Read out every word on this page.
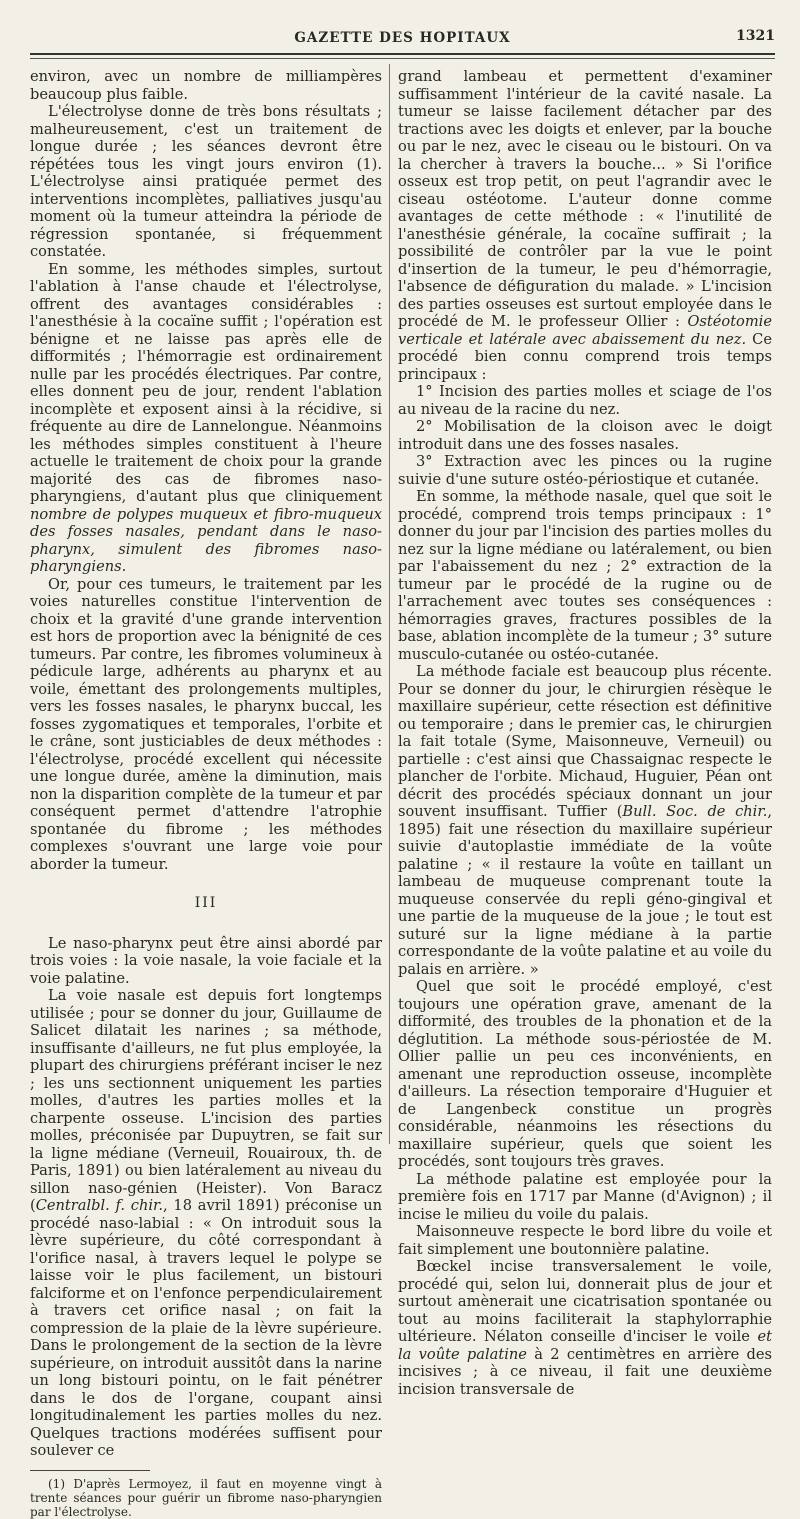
GAZETTE DES HOPITAUX	1321

environ, avec un nombre de milliampères beaucoup plus faible.

L'électrolyse donne de très bons résultats ; malheureusement, c'est un traitement de longue durée ; les séances devront être répétées tous les vingt jours environ (1). L'électrolyse ainsi pratiquée permet des interventions incomplètes, palliatives jusqu'au moment où la tumeur atteindra la période de régression spontanée, si fréquemment constatée.

En somme, les méthodes simples, surtout l'ablation à l'anse chaude et l'électrolyse, offrent des avantages considérables : l'anesthésie à la cocaïne suffit ; l'opération est bénigne et ne laisse pas après elle de difformités ; l'hémorragie est ordinairement nulle par les procédés électriques. Par contre, elles donnent peu de jour, rendent l'ablation incomplète et exposent ainsi à la récidive, si fréquente au dire de Lannelongue. Néanmoins les méthodes simples constituent à l'heure actuelle le traitement de choix pour la grande majorité des cas de fibromes naso-pharyngiens, d'autant plus que cliniquement nombre de polypes muqueux et fibro-muqueux des fosses nasales, pendant dans le naso-pharynx, simulent des fibromes naso-pharyngiens.

Or, pour ces tumeurs, le traitement par les voies naturelles constitue l'intervention de choix et la gravité d'une grande intervention est hors de proportion avec la bénignité de ces tumeurs. Par contre, les fibromes volumineux à pédicule large, adhérents au pharynx et au voile, émettant des prolongements multiples, vers les fosses nasales, le pharynx buccal, les fosses zygomatiques et temporales, l'orbite et le crâne, sont justiciables de deux méthodes : l'électrolyse, procédé excellent qui nécessite une longue durée, amène la diminution, mais non la disparition complète de la tumeur et par conséquent permet d'attendre l'atrophie spontanée du fibrome ; les méthodes complexes s'ouvrant une large voie pour aborder la tumeur.

III

Le naso-pharynx peut être ainsi abordé par trois voies : la voie nasale, la voie faciale et la voie palatine.

La voie nasale est depuis fort longtemps utilisée ; pour se donner du jour, Guillaume de Salicet dilatait les narines ; sa méthode, insuffisante d'ailleurs, ne fut plus employée, la plupart des chirurgiens préférant inciser le nez ; les uns sectionnent uniquement les parties molles, d'autres les parties molles et la charpente osseuse. L'incision des parties molles, préconisée par Dupuytren, se fait sur la ligne médiane (Verneuil, Rouairoux, th. de Paris, 1891) ou bien latéralement au niveau du sillon naso-génien (Heister). Von Baracz (Centralbl. f. chir., 18 avril 1891) préconise un procédé naso-labial : « On introduit sous la lèvre supérieure, du côté correspondant à l'orifice nasal, à travers lequel le polype se laisse voir le plus facilement, un bistouri falciforme et on l'enfonce perpendiculairement à travers cet orifice nasal ; on fait la compression de la plaie de la lèvre supérieure. Dans le prolongement de la section de la lèvre supérieure, on introduit aussitôt dans la narine un long bistouri pointu, on le fait pénétrer dans le dos de l'organe, coupant ainsi longitudinalement les parties molles du nez. Quelques tractions modérées suffisent pour soulever ce

(1) D'après Lermoyez, il faut en moyenne vingt à trente séances pour guérir un fibrome naso-pharyngien par l'électrolyse.

grand lambeau et permettent d'examiner suffisamment l'intérieur de la cavité nasale. La tumeur se laisse facilement détacher par des tractions avec les doigts et enlever, par la bouche ou par le nez, avec le ciseau ou le bistouri. On va la chercher à travers la bouche... » Si l'orifice osseux est trop petit, on peut l'agrandir avec le ciseau ostéotome. L'auteur donne comme avantages de cette méthode : « l'inutilité de l'anesthésie générale, la cocaïne suffirait ; la possibilité de contrôler par la vue le point d'insertion de la tumeur, le peu d'hémorragie, l'absence de défiguration du malade. » L'incision des parties osseuses est surtout employée dans le procédé de M. le professeur Ollier : Ostéotomie verticale et latérale avec abaissement du nez. Ce procédé bien connu comprend trois temps principaux :

1° Incision des parties molles et sciage de l'os au niveau de la racine du nez.

2° Mobilisation de la cloison avec le doigt introduit dans une des fosses nasales.

3° Extraction avec les pinces ou la rugine suivie d'une suture ostéo-périostique et cutanée.

En somme, la méthode nasale, quel que soit le procédé, comprend trois temps principaux : 1° donner du jour par l'incision des parties molles du nez sur la ligne médiane ou latéralement, ou bien par l'abaissement du nez ; 2° extraction de la tumeur par le procédé de la rugine ou de l'arrachement avec toutes ses conséquences : hémorragies graves, fractures possibles de la base, ablation incomplète de la tumeur ; 3° suture musculo-cutanée ou ostéo-cutanée.

La méthode faciale est beaucoup plus récente. Pour se donner du jour, le chirurgien résèque le maxillaire supérieur, cette résection est définitive ou temporaire ; dans le premier cas, le chirurgien la fait totale (Syme, Maisonneuve, Verneuil) ou partielle : c'est ainsi que Chassaignac respecte le plancher de l'orbite. Michaud, Huguier, Péan ont décrit des procédés spéciaux donnant un jour souvent insuffisant. Tuffier (Bull. Soc. de chir., 1895) fait une résection du maxillaire supérieur suivie d'autoplastie immédiate de la voûte palatine ; « il restaure la voûte en taillant un lambeau de muqueuse comprenant toute la muqueuse conservée du repli géno-gingival et une partie de la muqueuse de la joue ; le tout est suturé sur la ligne médiane à la partie correspondante de la voûte palatine et au voile du palais en arrière. »

Quel que soit le procédé employé, c'est toujours une opération grave, amenant de la difformité, des troubles de la phonation et de la déglutition. La méthode sous-périostée de M. Ollier pallie un peu ces inconvénients, en amenant une reproduction osseuse, incomplète d'ailleurs. La résection temporaire d'Huguier et de Langenbeck constitue un progrès considérable, néanmoins les résections du maxillaire supérieur, quels que soient les procédés, sont toujours très graves.

La méthode palatine est employée pour la première fois en 1717 par Manne (d'Avignon) ; il incise le milieu du voile du palais.

Maisonneuve respecte le bord libre du voile et fait simplement une boutonnière palatine.

Bœckel incise transversalement le voile, procédé qui, selon lui, donnerait plus de jour et surtout amènerait une cicatrisation spontanée ou tout au moins faciliterait la staphylorraphie ultérieure. Nélaton conseille d'inciser le voile et la voûte palatine à 2 centimètres en arrière des incisives ; à ce niveau, il fait une deuxième incision transversale de
